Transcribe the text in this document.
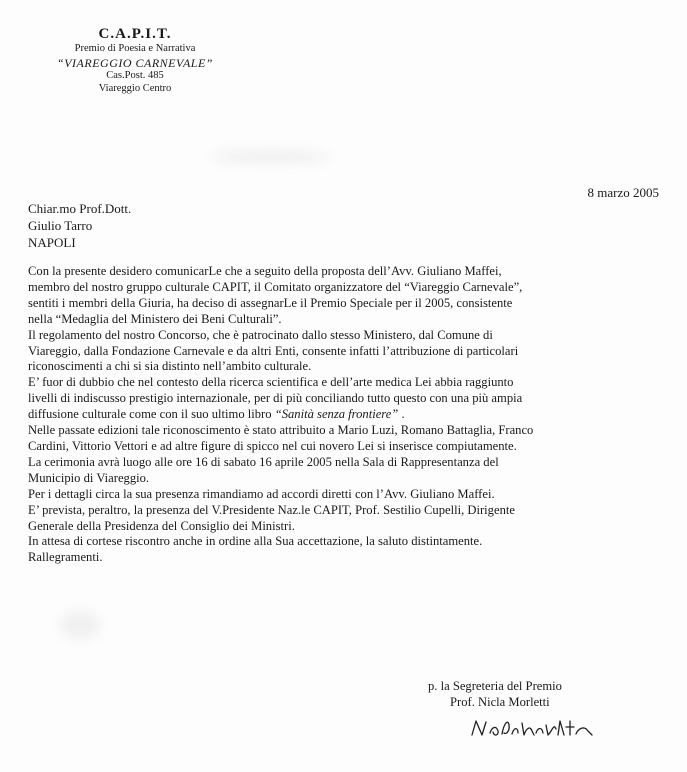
C.A.P.I.T.
Premio di Poesia e Narrativa
“VIAREGGIO CARNEVALE”
Cas.Post. 485
Viareggio Centro
8 marzo 2005
Chiar.mo Prof.Dott.
Giulio Tarro
NAPOLI

Con la presente desidero comunicarLe che a seguito della proposta dell’Avv. Giuliano Maffei,

membro del nostro gruppo culturale CAPIT, il Comitato organizzatore del “Viareggio Carnevale”,

sentiti i membri della Giuria, ha deciso di assegnarLe il Premio Speciale per il 2005, consistente

nella “Medaglia del Ministero dei Beni Culturali”.

Il regolamento del nostro Concorso, che è patrocinato dallo stesso Ministero, dal Comune di

Viareggio, dalla Fondazione Carnevale e da altri Enti, consente infatti l’attribuzione di particolari

riconoscimenti a chi si sia distinto nell’ambito culturale.

E’ fuor di dubbio che nel contesto della ricerca scientifica e dell’arte medica Lei abbia raggiunto

livelli di indiscusso prestigio internazionale, per di più conciliando tutto questo con una più ampia

diffusione culturale come con il suo ultimo libro “Sanità senza frontiere” .

Nelle passate edizioni tale riconoscimento è stato attribuito a Mario Luzi, Romano Battaglia, Franco

Cardini, Vittorio Vettori e ad altre figure di spicco nel cui novero Lei si inserisce compiutamente.

La cerimonia avrà luogo alle ore 16 di sabato 16 aprile 2005 nella Sala di Rappresentanza del

Municipio di Viareggio.

Per i dettagli circa la sua presenza rimandiamo ad accordi diretti con l’Avv. Giuliano Maffei.

E’ prevista, peraltro, la presenza del V.Presidente Naz.le CAPIT, Prof. Sestilio Cupelli, Dirigente

Generale della Presidenza del Consiglio dei Ministri.

In attesa di cortese riscontro anche in ordine alla Sua accettazione, la saluto distintamente.

Rallegramenti.

p. la Segreteria del Premio
Prof. Nicla Morletti
